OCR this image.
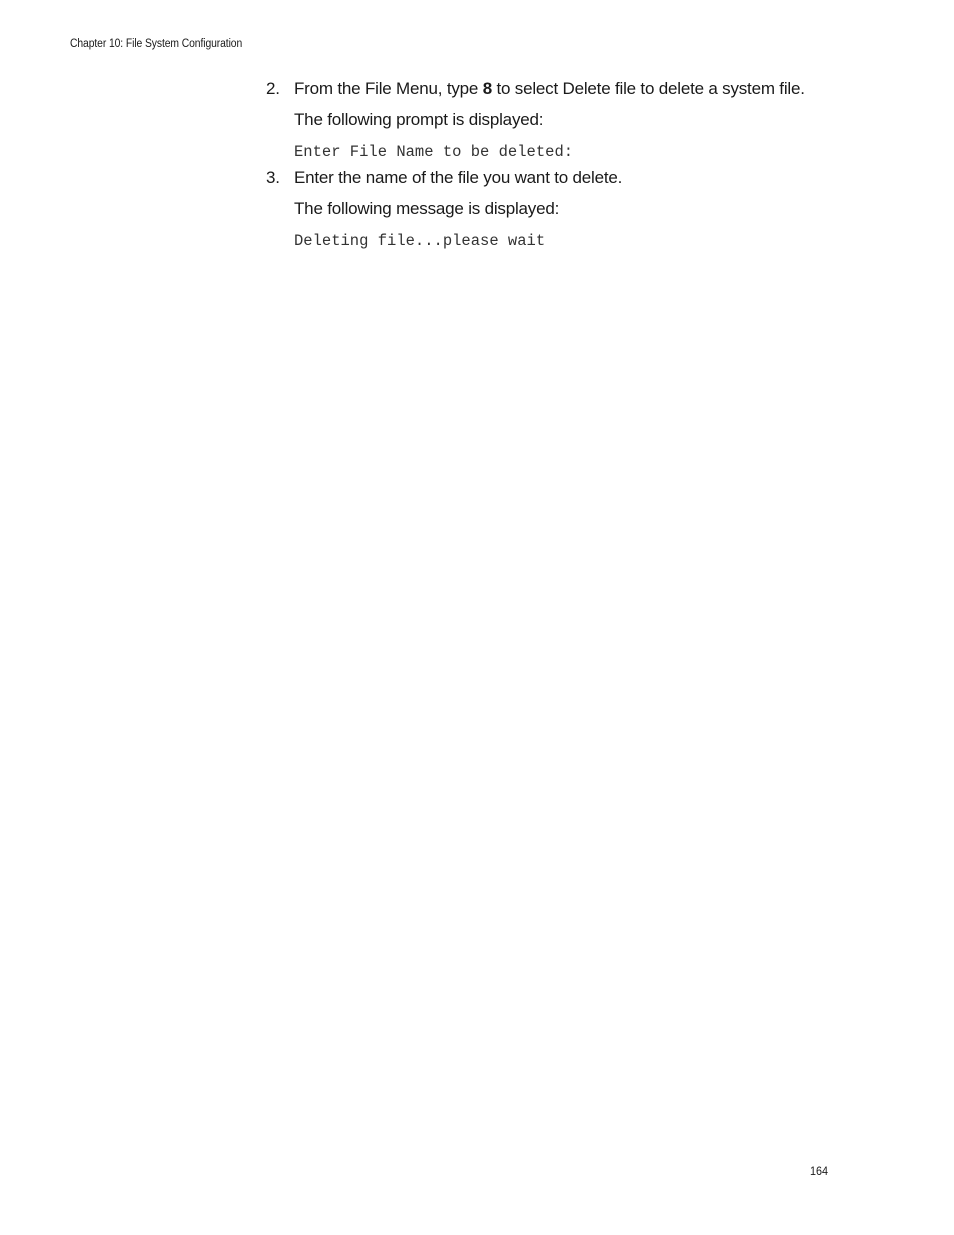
Chapter 10: File System Configuration
2. From the File Menu, type 8 to select Delete file to delete a system file.
The following prompt is displayed:
Enter File Name to be deleted:
3. Enter the name of the file you want to delete.
The following message is displayed:
Deleting file...please wait
164
